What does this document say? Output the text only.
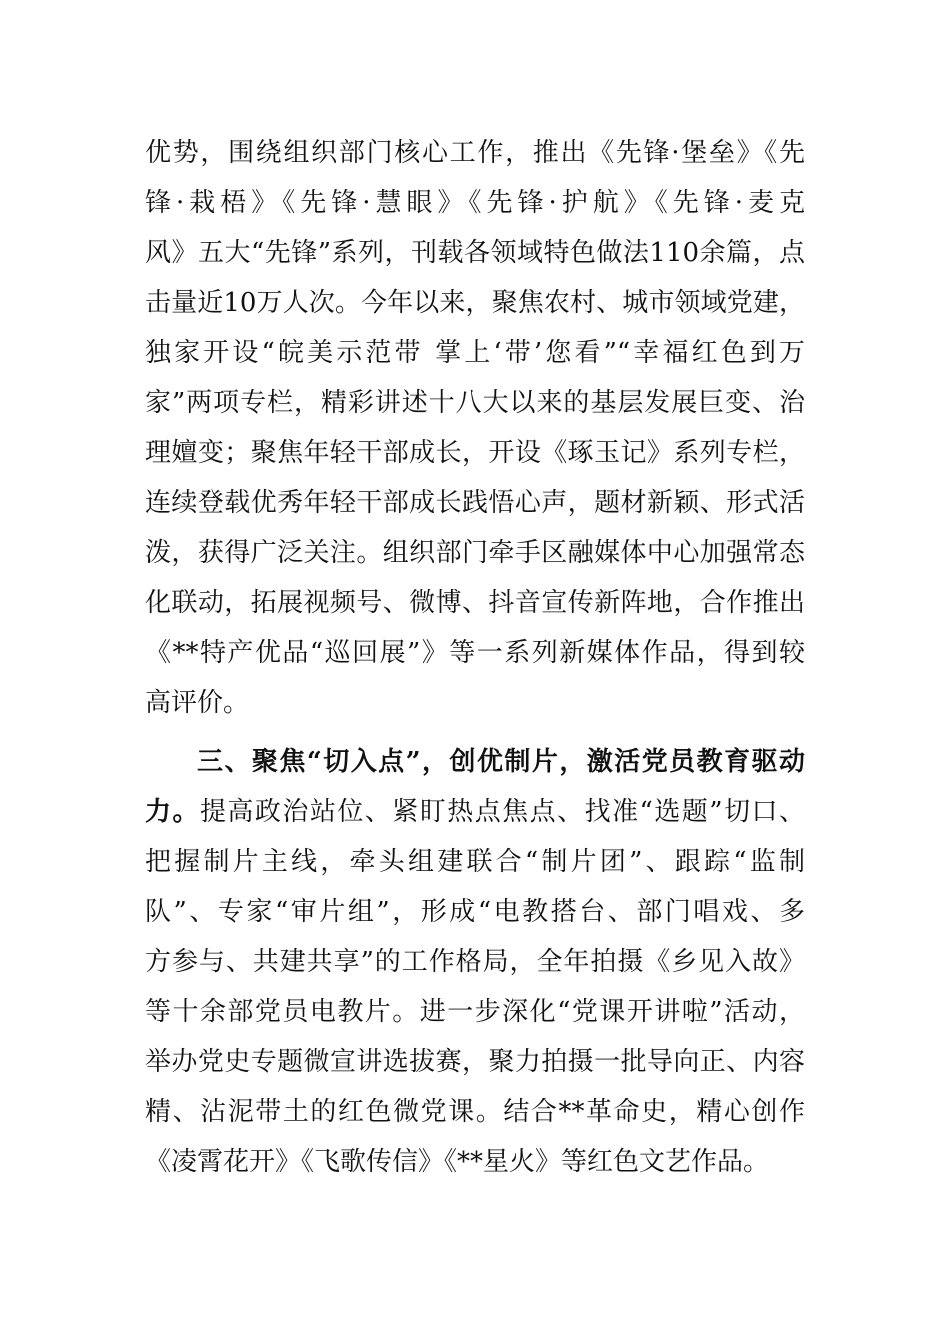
优势，围绕组织部门核心工作，推出《先锋·堡垒》《先
锋·栽梧》《先锋·慧眼》《先锋·护航》《先锋·麦克
风》五大“先锋”系列，刊载各领域特色做法110余篇，点
击量近10万人次。今年以来，聚焦农村、城市领域党建，
独家开设“皖美示范带 掌上‘带’您看”“幸福红色到万
家”两项专栏，精彩讲述十八大以来的基层发展巨变、治
理嬗变；聚焦年轻干部成长，开设《琢玉记》系列专栏，
连续登载优秀年轻干部成长践悟心声，题材新颖、形式活
泼，获得广泛关注。组织部门牵手区融媒体中心加强常态
化联动，拓展视频号、微博、抖音宣传新阵地，合作推出
《**特产优品“巡回展”》等一系列新媒体作品，得到较
高评价。
三、聚焦“切入点”，创优制片，激活党员教育驱动
力。提高政治站位、紧盯热点焦点、找准“选题”切口、
把握制片主线，牵头组建联合“制片团”、跟踪“监制
队”、专家“审片组”，形成“电教搭台、部门唱戏、多
方参与、共建共享”的工作格局，全年拍摄《乡见入故》
等十余部党员电教片。进一步深化“党课开讲啦”活动，
举办党史专题微宣讲选拔赛，聚力拍摄一批导向正、内容
精、沾泥带土的红色微党课。结合**革命史，精心创作
《凌霄花开》《飞歌传信》《**星火》等红色文艺作品。
